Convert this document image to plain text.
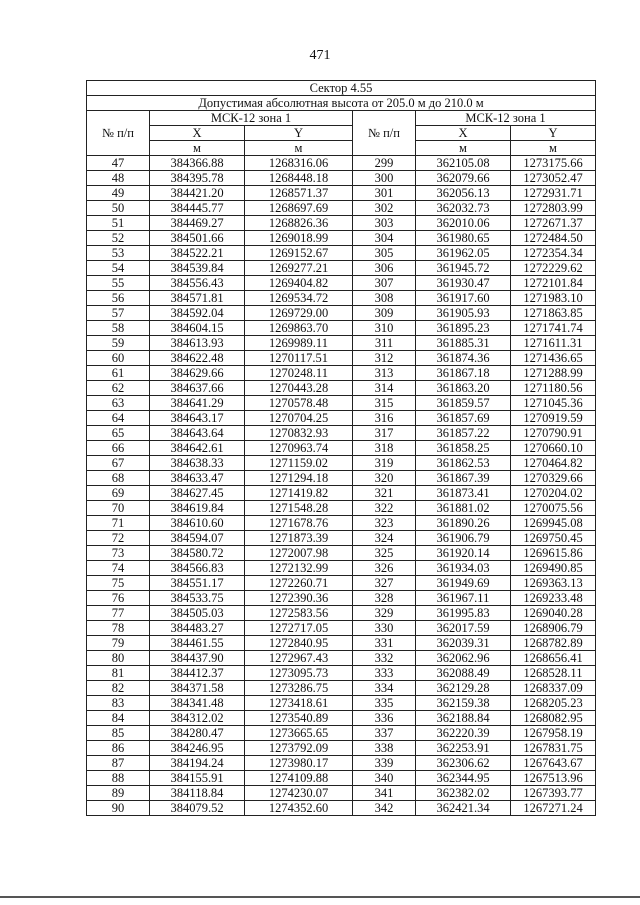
471
Сектор 4.55					
Допустимая абсолютная высота от 205.0 м до 210.0 м					
№ п/п	МСК-12 зона 1		№ п/п	МСК-12 зона 1	
	X	Y		X	Y
	м	м		м	м
47	384366.88	1268316.06	299	362105.08	1273175.66
48	384395.78	1268448.18	300	362079.66	1273052.47
49	384421.20	1268571.37	301	362056.13	1272931.71
50	384445.77	1268697.69	302	362032.73	1272803.99
51	384469.27	1268826.36	303	362010.06	1272671.37
52	384501.66	1269018.99	304	361980.65	1272484.50
53	384522.21	1269152.67	305	361962.05	1272354.34
54	384539.84	1269277.21	306	361945.72	1272229.62
55	384556.43	1269404.82	307	361930.47	1272101.84
56	384571.81	1269534.72	308	361917.60	1271983.10
57	384592.04	1269729.00	309	361905.93	1271863.85
58	384604.15	1269863.70	310	361895.23	1271741.74
59	384613.93	1269989.11	311	361885.31	1271611.31
60	384622.48	1270117.51	312	361874.36	1271436.65
61	384629.66	1270248.11	313	361867.18	1271288.99
62	384637.66	1270443.28	314	361863.20	1271180.56
63	384641.29	1270578.48	315	361859.57	1271045.36
64	384643.17	1270704.25	316	361857.69	1270919.59
65	384643.64	1270832.93	317	361857.22	1270790.91
66	384642.61	1270963.74	318	361858.25	1270660.10
67	384638.33	1271159.02	319	361862.53	1270464.82
68	384633.47	1271294.18	320	361867.39	1270329.66
69	384627.45	1271419.82	321	361873.41	1270204.02
70	384619.84	1271548.28	322	361881.02	1270075.56
71	384610.60	1271678.76	323	361890.26	1269945.08
72	384594.07	1271873.39	324	361906.79	1269750.45
73	384580.72	1272007.98	325	361920.14	1269615.86
74	384566.83	1272132.99	326	361934.03	1269490.85
75	384551.17	1272260.71	327	361949.69	1269363.13
76	384533.75	1272390.36	328	361967.11	1269233.48
77	384505.03	1272583.56	329	361995.83	1269040.28
78	384483.27	1272717.05	330	362017.59	1268906.79
79	384461.55	1272840.95	331	362039.31	1268782.89
80	384437.90	1272967.43	332	362062.96	1268656.41
81	384412.37	1273095.73	333	362088.49	1268528.11
82	384371.58	1273286.75	334	362129.28	1268337.09
83	384341.48	1273418.61	335	362159.38	1268205.23
84	384312.02	1273540.89	336	362188.84	1268082.95
85	384280.47	1273665.65	337	362220.39	1267958.19
86	384246.95	1273792.09	338	362253.91	1267831.75
87	384194.24	1273980.17	339	362306.62	1267643.67
88	384155.91	1274109.88	340	362344.95	1267513.96
89	384118.84	1274230.07	341	362382.02	1267393.77
90	384079.52	1274352.60	342	362421.34	1267271.24
